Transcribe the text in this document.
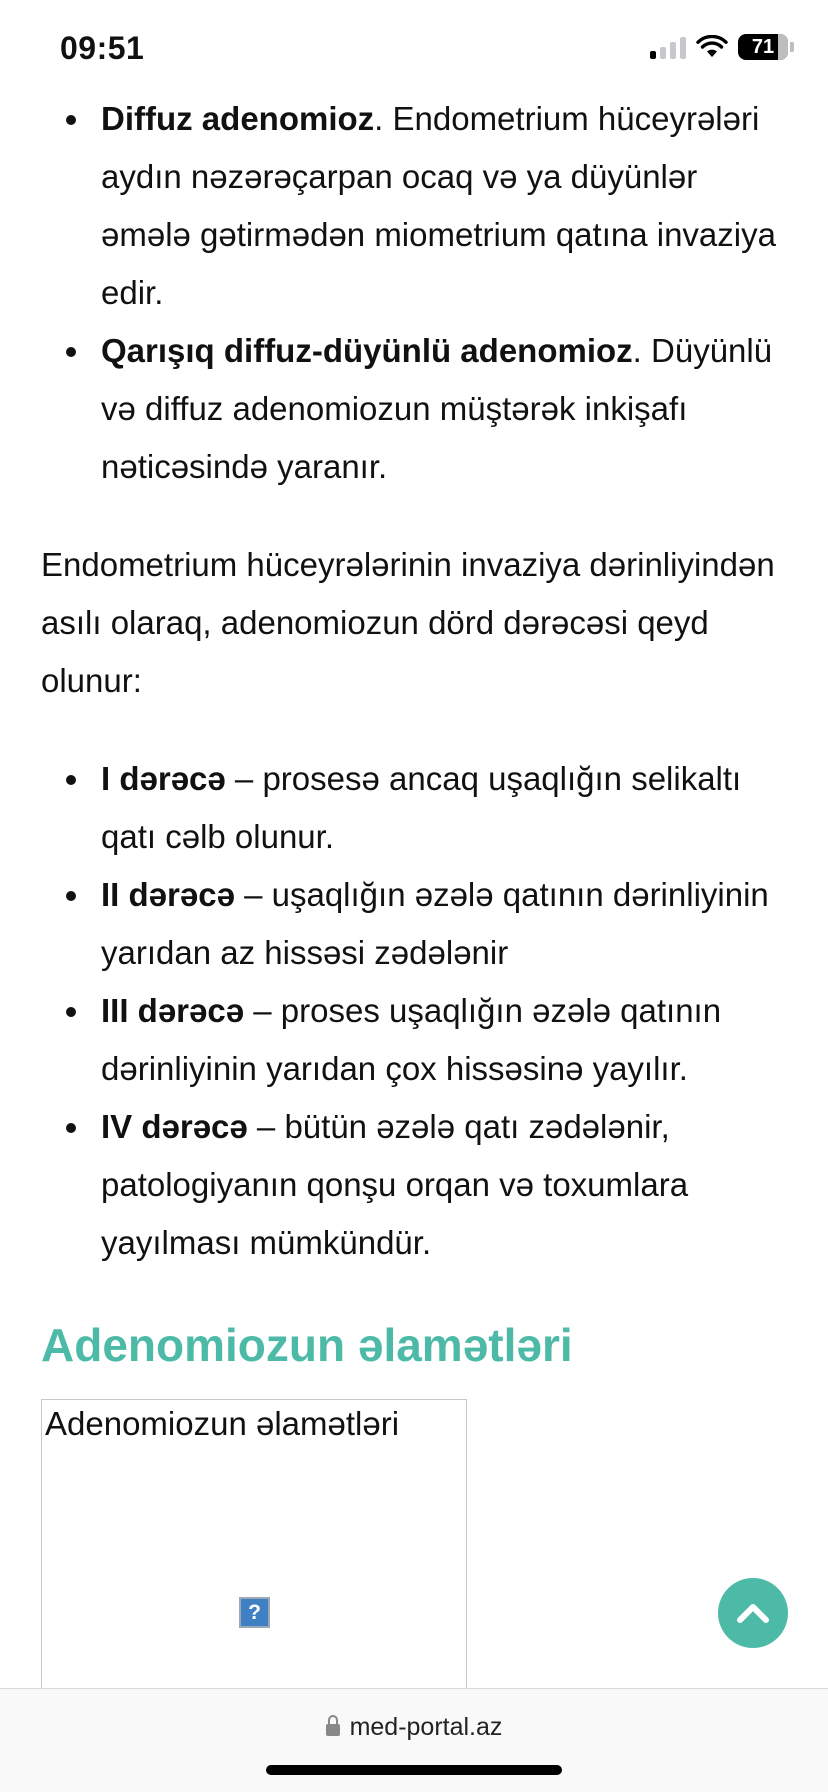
09:51	71
Diffuz adenomioz. Endometrium hüceyrələri aydın nəzərəçarpan ocaq və ya düyünlər əmələ gətirmədən miometrium qatına invaziya edir.
Qarışıq diffuz-düyünlü adenomioz. Düyünlü və diffuz adenomiozun müştərək inkişafı nəticəsində yaranır.

Endometrium hüceyrələrinin invaziya dərinliyindən asılı olaraq, adenomiozun dörd dərəcəsi qeyd olunur:

I dərəcə – prosesə ancaq uşaqlığın selikaltı qatı cəlb olunur.
II dərəcə – uşaqlığın əzələ qatının dərinliyinin yarıdan az hissəsi zədələnir
III dərəcə – proses uşaqlığın əzələ qatının dərinliyinin yarıdan çox hissəsinə yayılır.
IV dərəcə – bütün əzələ qatı zədələnir, patologiyanın qonşu orqan və toxumlara yayılması mümkündür.
Adenomiozun əlamətləri
Adenomiozun əlamətləri
?
med-portal.az
